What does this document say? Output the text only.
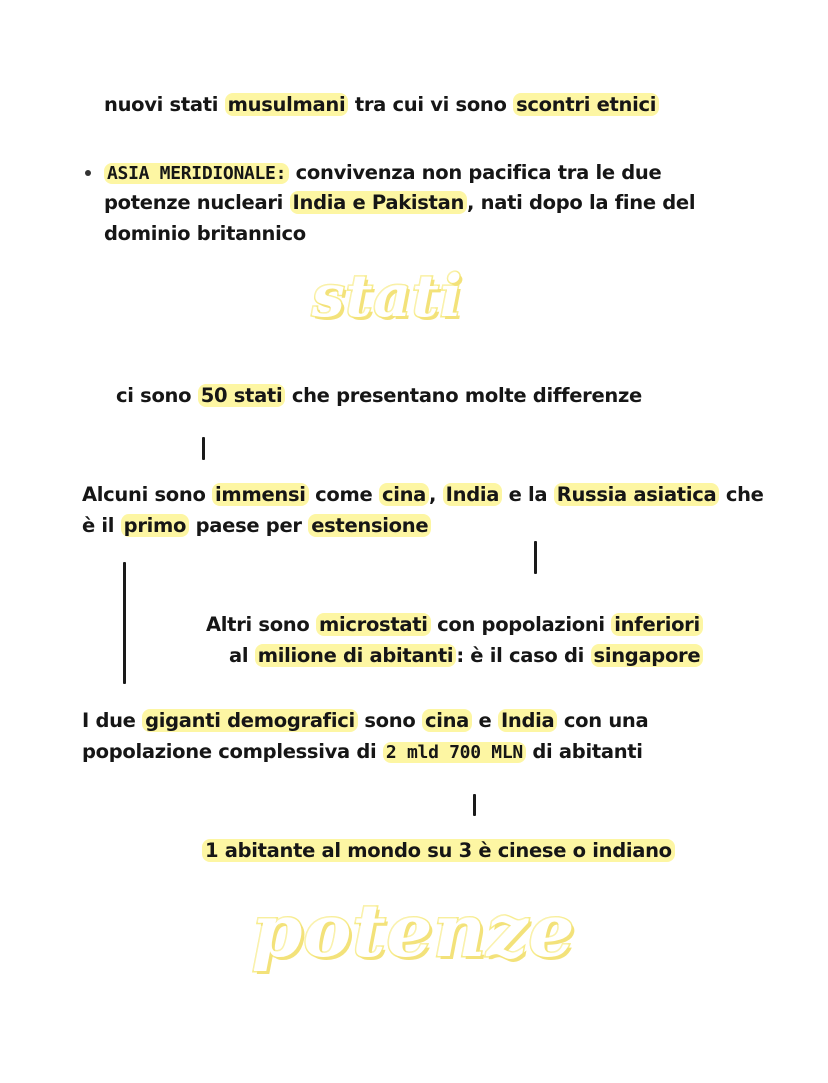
nuovi stati musulmani tra cui vi sono scontri etnici

ASIA MERIDIONALE: convivenza non pacifica tra le due

potenze nucleari India e Pakistan , nati dopo la fine del

dominio britannico

stati

ci sono 50 stati che presentano molte differenze

Alcuni sono immensi come cina , India e la Russia asiatica che

è il primo paese per estensione

Altri sono microstati con popolazioni inferiori

al milione di abitanti : è il caso di singapore

I due giganti demografici sono cina e India con una

popolazione complessiva di 2 mld 700 MLN di abitanti

1 abitante al mondo su 3 è cinese o indiano

potenze
